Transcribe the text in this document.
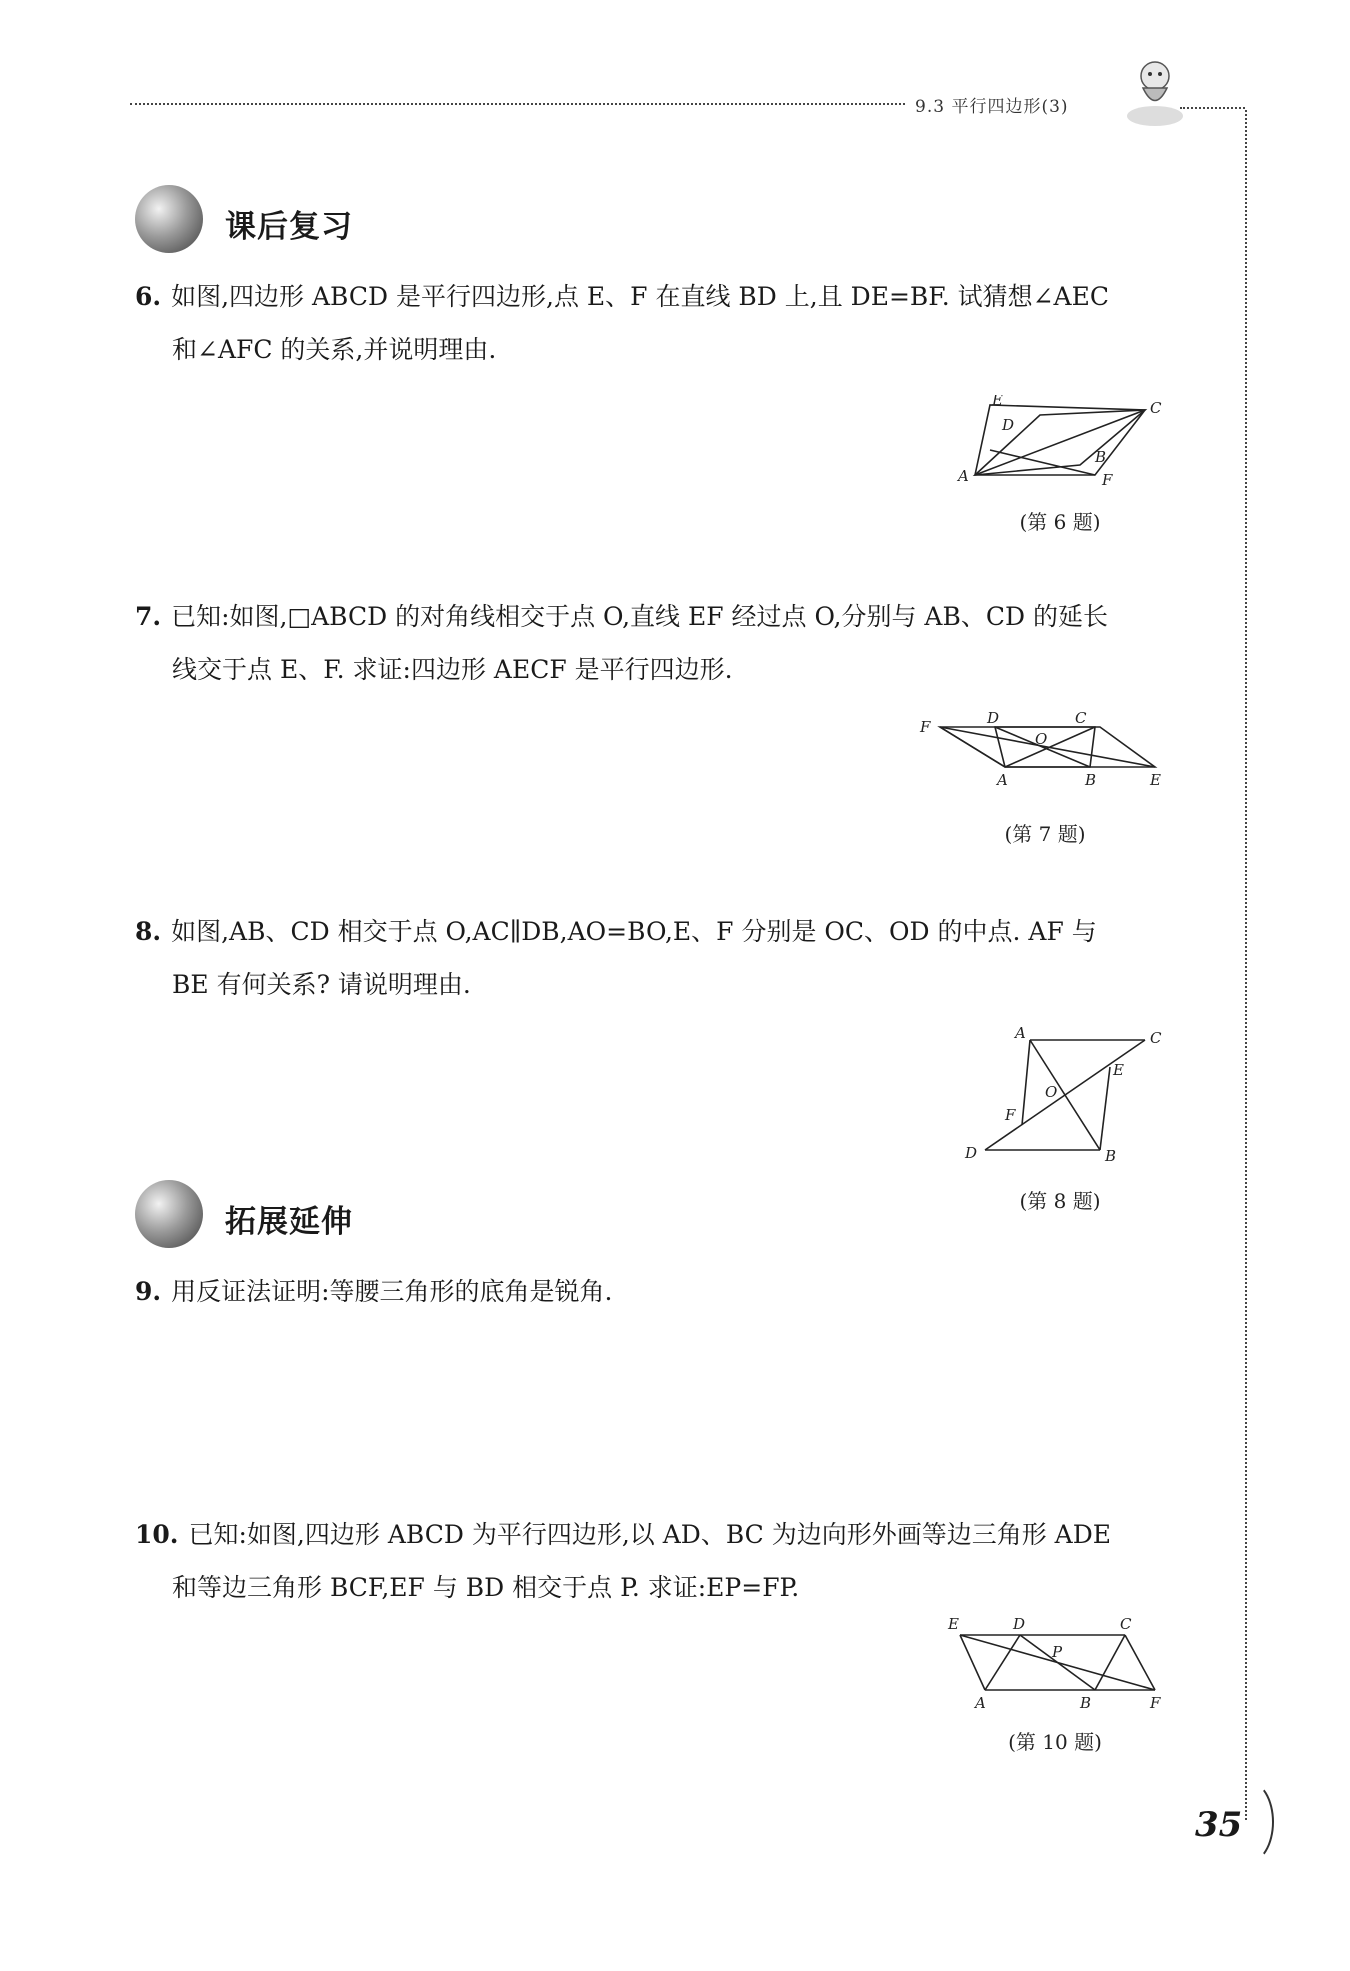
9.3 平行四边形(3)
课后复习
6. 如图,四边形 ABCD 是平行四边形,点 E、F 在直线 BD 上,且 DE=BF. 试猜想∠AEC
和∠AFC 的关系,并说明理由.
A
B
C
D
E
F
(第 6 题)
7. 已知:如图,□ABCD 的对角线相交于点 O,直线 EF 经过点 O,分别与 AB、CD 的延长
线交于点 E、F. 求证:四边形 AECF 是平行四边形.
F	D	C
O
A	B	E
(第 7 题)
8. 如图,AB、CD 相交于点 O,AC∥DB,AO=BO,E、F 分别是 OC、OD 的中点. AF 与
BE 有何关系? 请说明理由.
A	C
E
O
F
D	B
(第 8 题)
拓展延伸
9. 用反证法证明:等腰三角形的底角是锐角.
10. 已知:如图,四边形 ABCD 为平行四边形,以 AD、BC 为边向形外画等边三角形 ADE
和等边三角形 BCF,EF 与 BD 相交于点 P. 求证:EP=FP.
E	D	C
P
A	B	F
(第 10 题)
35
